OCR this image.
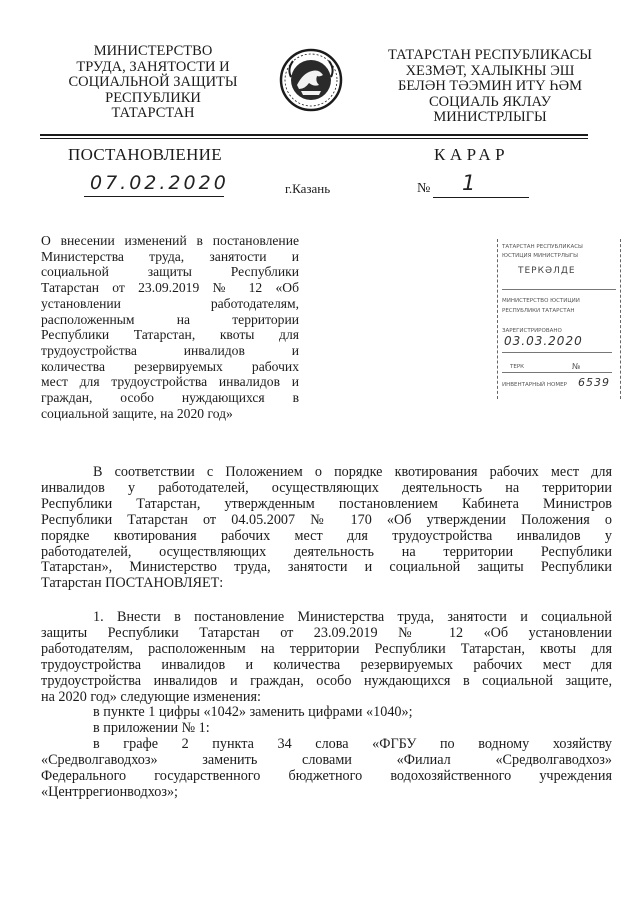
МИНИСТЕРСТВО
ТРУДА, ЗАНЯТОСТИ И
СОЦИАЛЬНОЙ ЗАЩИТЫ
РЕСПУБЛИКИ
ТАТАРСТАН
ТАТАРСТАН РЕСПУБЛИКАСЫ
ХЕЗМӘТ, ХАЛЫКНЫ ЭШ
БЕЛӘН ТӘЭМИН ИТҮ ҺӘМ
СОЦИАЛЬ ЯКЛАУ
МИНИСТРЛЫГЫ
ПОСТАНОВЛЕНИЕ	КАРАР
07.02.2020	г.Казань	№ 1
О внесении изменений в постановление
Министерства труда, занятости и
социальной защиты Республики
Татарстан от 23.09.2019 № 12 «Об
установлении работодателям,
расположенным на территории
Республики Татарстан, квоты для
трудоустройства инвалидов и
количества резервируемых рабочих
мест для трудоустройства инвалидов и
граждан, особо нуждающихся в
социальной защите, на 2020 год»
ТАТАРСТАН РЕСПУБЛИКАСЫ
ЮСТИЦИЯ МИНИСТРЛЫГЫ
ТЕРКӘЛДЕ
МИНИСТЕРСТВО ЮСТИЦИИ
РЕСПУБЛИКИ ТАТАРСТАН
ЗАРЕГИСТРИРОВАНО
03.03.2020
ТЕРК	№
ИНВЕНТАРНЫЙ НОМЕР 6539
В соответствии с Положением о порядке квотирования рабочих мест для
инвалидов у работодателей, осуществляющих деятельность на территории
Республики Татарстан, утвержденным постановлением Кабинета Министров
Республики Татарстан от 04.05.2007 № 170 «Об утверждении Положения о
порядке квотирования рабочих мест для трудоустройства инвалидов у
работодателей, осуществляющих деятельность на территории Республики
Татарстан», Министерство труда, занятости и социальной защиты Республики
Татарстан ПОСТАНОВЛЯЕТ:
1. Внести в постановление Министерства труда, занятости и социальной
защиты Республики Татарстан от 23.09.2019 № 12 «Об установлении
работодателям, расположенным на территории Республики Татарстан, квоты для
трудоустройства инвалидов и количества резервируемых рабочих мест для
трудоустройства инвалидов и граждан, особо нуждающихся в социальной защите,
на 2020 год» следующие изменения:
в пункте 1 цифры «1042» заменить цифрами «1040»;
в приложении № 1:
в графе 2 пункта 34 слова «ФГБУ по водному хозяйству
«Средволгаводхоз» заменить словами «Филиал «Средволгаводхоз»
Федерального государственного бюджетного водохозяйственного учреждения
«Центррегионводхоз»;
